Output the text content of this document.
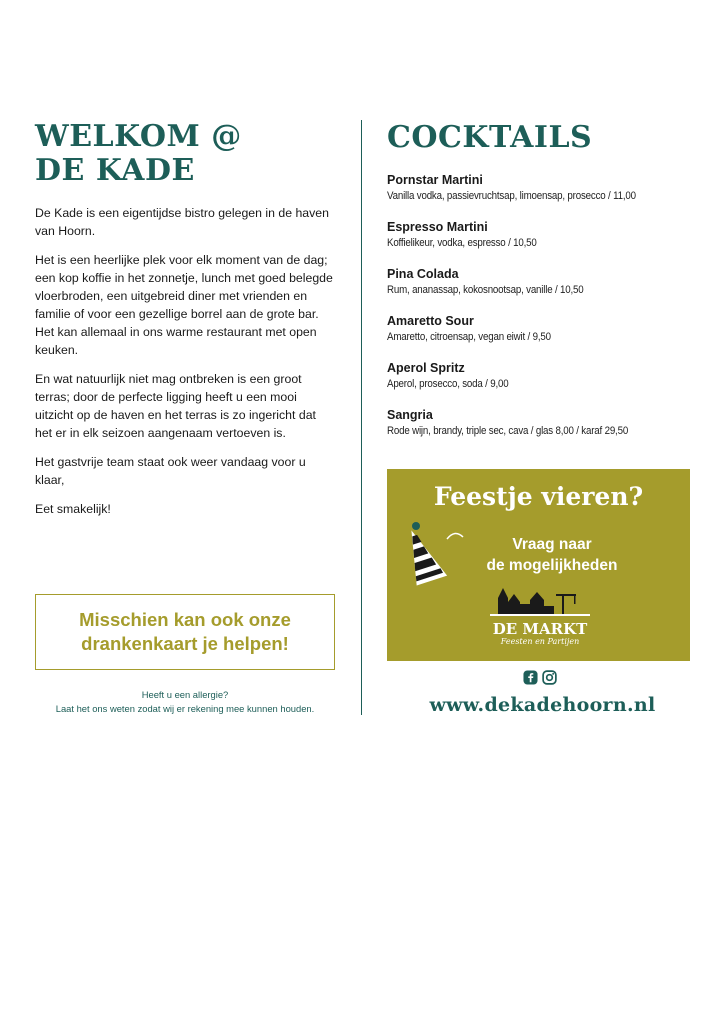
WELKOM @
DE KADE

De Kade is een eigentijdse bistro gelegen in de haven van Hoorn.

Het is een heerlijke plek voor elk moment van de dag; een kop koffie in het zonnetje, lunch met goed belegde vloerbroden, een uitgebreid diner met vrienden en familie of voor een gezellige borrel aan de grote bar. Het kan allemaal in ons warme restaurant met open keuken.

En wat natuurlijk niet mag ontbreken is een groot terras; door de perfecte ligging heeft u een mooi uitzicht op de haven en het terras is zo ingericht dat het er in elk seizoen aangenaam vertoeven is.

Het gastvrije team staat ook weer vandaag voor u klaar,

Eet smakelijk!

Misschien kan ook onze drankenkaart je helpen!
Heeft u een allergie?
Laat het ons weten zodat wij er rekening mee kunnen houden.
COCKTAILS
Pornstar Martini
Vanilla vodka, passievruchtsap, limoensap, prosecco / 11,00
Espresso Martini
Koffielikeur, vodka, espresso / 10,50
Pina Colada
Rum, ananassap, kokosnootsap, vanille / 10,50
Amaretto Sour
Amaretto, citroensap, vegan eiwit / 9,50
Aperol Spritz
Aperol, prosecco, soda / 9,00
Sangria
Rode wijn, brandy, triple sec, cava / glas 8,00 / karaf 29,50
Feestje vieren?
Vraag naar
de mogelijkheden
DE MARKT
Feesten en Partijen
www.dekadehoorn.nl
